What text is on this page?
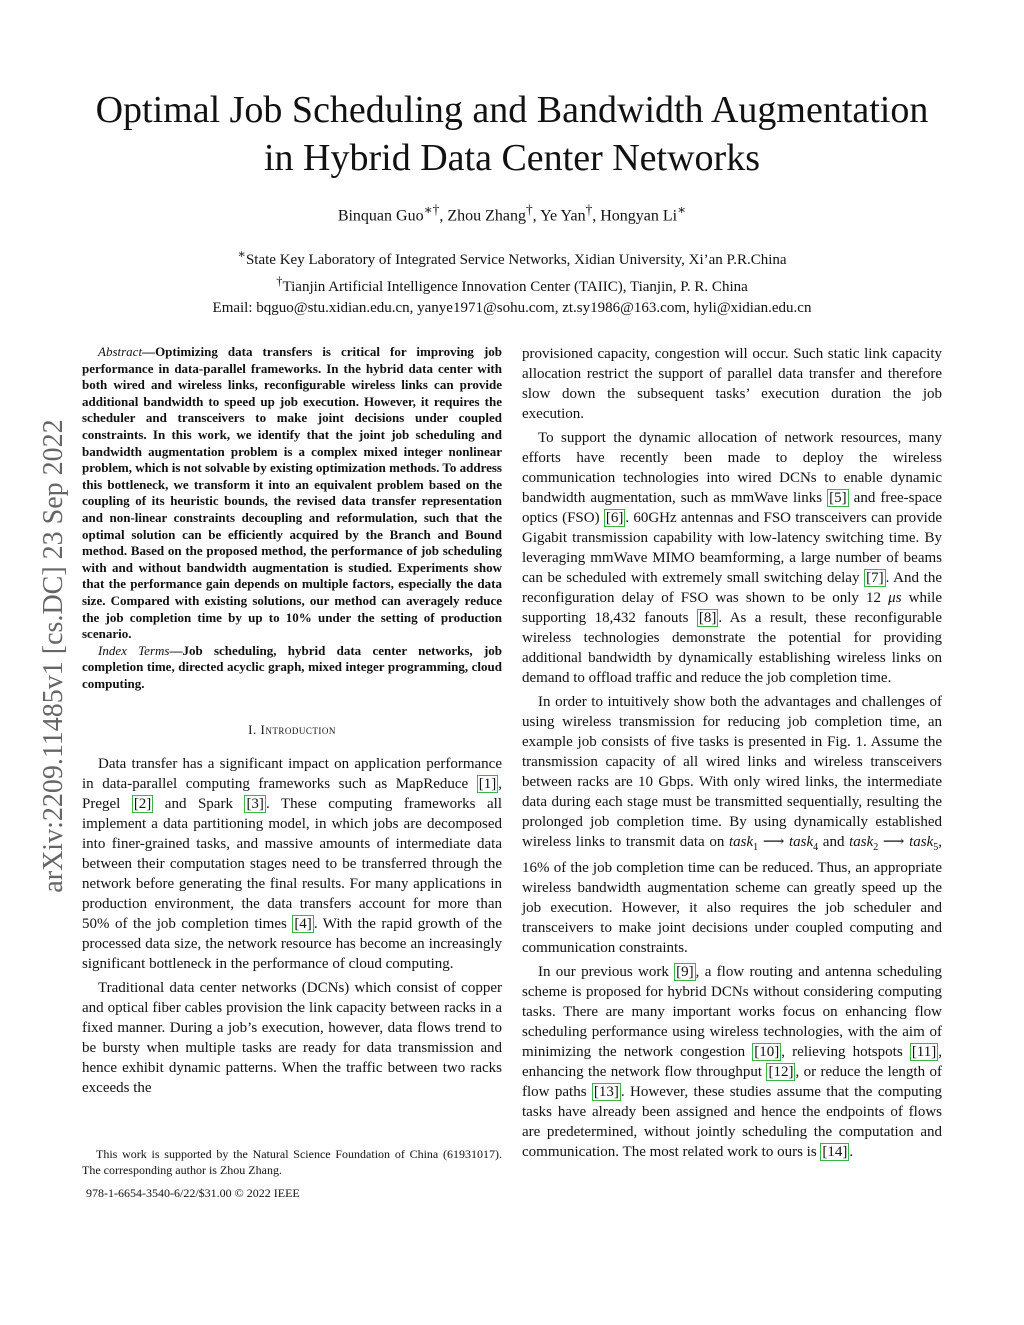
Optimal Job Scheduling and Bandwidth Augmentation in Hybrid Data Center Networks
Binquan Guo∗†, Zhou Zhang†, Ye Yan†, Hongyan Li∗
∗State Key Laboratory of Integrated Service Networks, Xidian University, Xi’an P.R.China
†Tianjin Artificial Intelligence Innovation Center (TAIIC), Tianjin, P. R. China
Email: bqguo@stu.xidian.edu.cn, yanye1971@sohu.com, zt.sy1986@163.com, hyli@xidian.edu.cn
arXiv:2209.11485v1 [cs.DC] 23 Sep 2022

Abstract—Optimizing data transfers is critical for improving job performance in data-parallel frameworks. In the hybrid data center with both wired and wireless links, reconfigurable wireless links can provide additional bandwidth to speed up job execution. However, it requires the scheduler and transceivers to make joint decisions under coupled constraints. In this work, we identify that the joint job scheduling and bandwidth augmentation problem is a complex mixed integer nonlinear problem, which is not solvable by existing optimization methods. To address this bottleneck, we transform it into an equivalent problem based on the coupling of its heuristic bounds, the revised data transfer representation and non-linear constraints decoupling and reformulation, such that the optimal solution can be efficiently acquired by the Branch and Bound method. Based on the proposed method, the performance of job scheduling with and without bandwidth augmentation is studied. Experiments show that the performance gain depends on multiple factors, especially the data size. Compared with existing solutions, our method can averagely reduce the job completion time by up to 10% under the setting of production scenario.

Index Terms—Job scheduling, hybrid data center networks, job completion time, directed acyclic graph, mixed integer programming, cloud computing.

I. Introduction

Data transfer has a significant impact on application performance in data-parallel computing frameworks such as MapReduce [1] , Pregel [2] and Spark [3] . These computing frameworks all implement a data partitioning model, in which jobs are decomposed into finer-grained tasks, and massive amounts of intermediate data between their computation stages need to be transferred through the network before generating the final results. For many applications in production environment, the data transfers account for more than 50% of the job completion times [4] . With the rapid growth of the processed data size, the network resource has become an increasingly significant bottleneck in the performance of cloud computing.

Traditional data center networks (DCNs) which consist of copper and optical fiber cables provision the link capacity between racks in a fixed manner. During a job’s execution, however, data flows trend to be bursty when multiple tasks are ready for data transmission and hence exhibit dynamic patterns. When the traffic between two racks exceeds the

provisioned capacity, congestion will occur. Such static link capacity allocation restrict the support of parallel data transfer and therefore slow down the subsequent tasks’ execution duration the job execution.

To support the dynamic allocation of network resources, many efforts have recently been made to deploy the wireless communication technologies into wired DCNs to enable dynamic bandwidth augmentation, such as mmWave links [5] and free-space optics (FSO) [6] . 60GHz antennas and FSO transceivers can provide Gigabit transmission capability with low-latency switching time. By leveraging mmWave MIMO beamforming, a large number of beams can be scheduled with extremely small switching delay [7] . And the reconfiguration delay of FSO was shown to be only 12 μs while supporting 18,432 fanouts [8] . As a result, these reconfigurable wireless technologies demonstrate the potential for providing additional bandwidth by dynamically establishing wireless links on demand to offload traffic and reduce the job completion time.

In order to intuitively show both the advantages and challenges of using wireless transmission for reducing job completion time, an example job consists of five tasks is presented in Fig. 1. Assume the transmission capacity of all wired links and wireless transceivers between racks are 10 Gbps. With only wired links, the intermediate data during each stage must be transmitted sequentially, resulting the prolonged job completion time. By using dynamically established wireless links to transmit data on task$_1$ ⟶ task$_4$ and task$_2$ ⟶ task$_5$, 16% of the job completion time can be reduced. Thus, an appropriate wireless bandwidth augmentation scheme can greatly speed up the job execution. However, it also requires the job scheduler and transceivers to make joint decisions under coupled computing and communication constraints.

In our previous work [9] , a flow routing and antenna scheduling scheme is proposed for hybrid DCNs without considering computing tasks. There are many important works focus on enhancing flow scheduling performance using wireless technologies, with the aim of minimizing the network congestion [10] , relieving hotspots [11] , enhancing the network flow throughput [12] , or reduce the length of flow paths [13] . However, these studies assume that the computing tasks have already been assigned and hence the endpoints of flows are predetermined, without jointly scheduling the computation and communication. The most related work to ours is [14] .

This work is supported by the Natural Science Foundation of China (61931017). The corresponding author is Zhou Zhang.

978-1-6654-3540-6/22/$31.00 © 2022 IEEE
